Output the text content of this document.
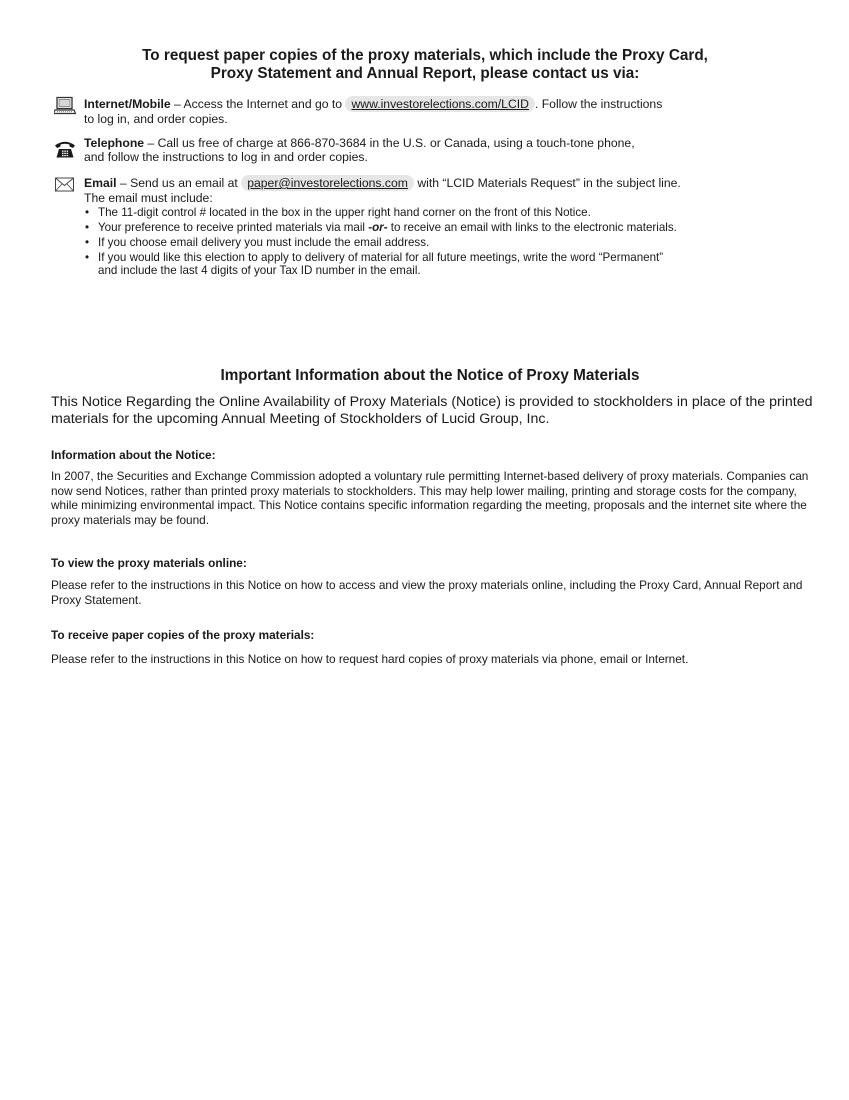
To request paper copies of the proxy materials, which include the Proxy Card,
Proxy Statement and Annual Report, please contact us via:
Internet/Mobile – Access the Internet and go to www.investorelections.com/LCID . Follow the instructions
to log in, and order copies.
Telephone – Call us free of charge at 866-870-3684 in the U.S. or Canada, using a touch-tone phone,
and follow the instructions to log in and order copies.
Email – Send us an email at paper@investorelections.com with “LCID Materials Request” in the subject line.
The email must include:
• The 11-digit control # located in the box in the upper right hand corner on the front of this Notice.
• Your preference to receive printed materials via mail -or- to receive an email with links to the electronic materials.
• If you choose email delivery you must include the email address.
• If you would like this election to apply to delivery of material for all future meetings, write the word “Permanent”
and include the last 4 digits of your Tax ID number in the email.
Important Information about the Notice of Proxy Materials
This Notice Regarding the Online Availability of Proxy Materials (Notice) is provided to stockholders in place of the printed materials for the upcoming Annual Meeting of Stockholders of Lucid Group, Inc.
Information about the Notice:
In 2007, the Securities and Exchange Commission adopted a voluntary rule permitting Internet-based delivery of proxy materials. Companies can now send Notices, rather than printed proxy materials to stockholders. This may help lower mailing, printing and storage costs for the company, while minimizing environmental impact. This Notice contains specific information regarding the meeting, proposals and the internet site where the proxy materials may be found.
To view the proxy materials online:
Please refer to the instructions in this Notice on how to access and view the proxy materials online, including the Proxy Card, Annual Report and Proxy Statement.
To receive paper copies of the proxy materials:
Please refer to the instructions in this Notice on how to request hard copies of proxy materials via phone, email or Internet.
